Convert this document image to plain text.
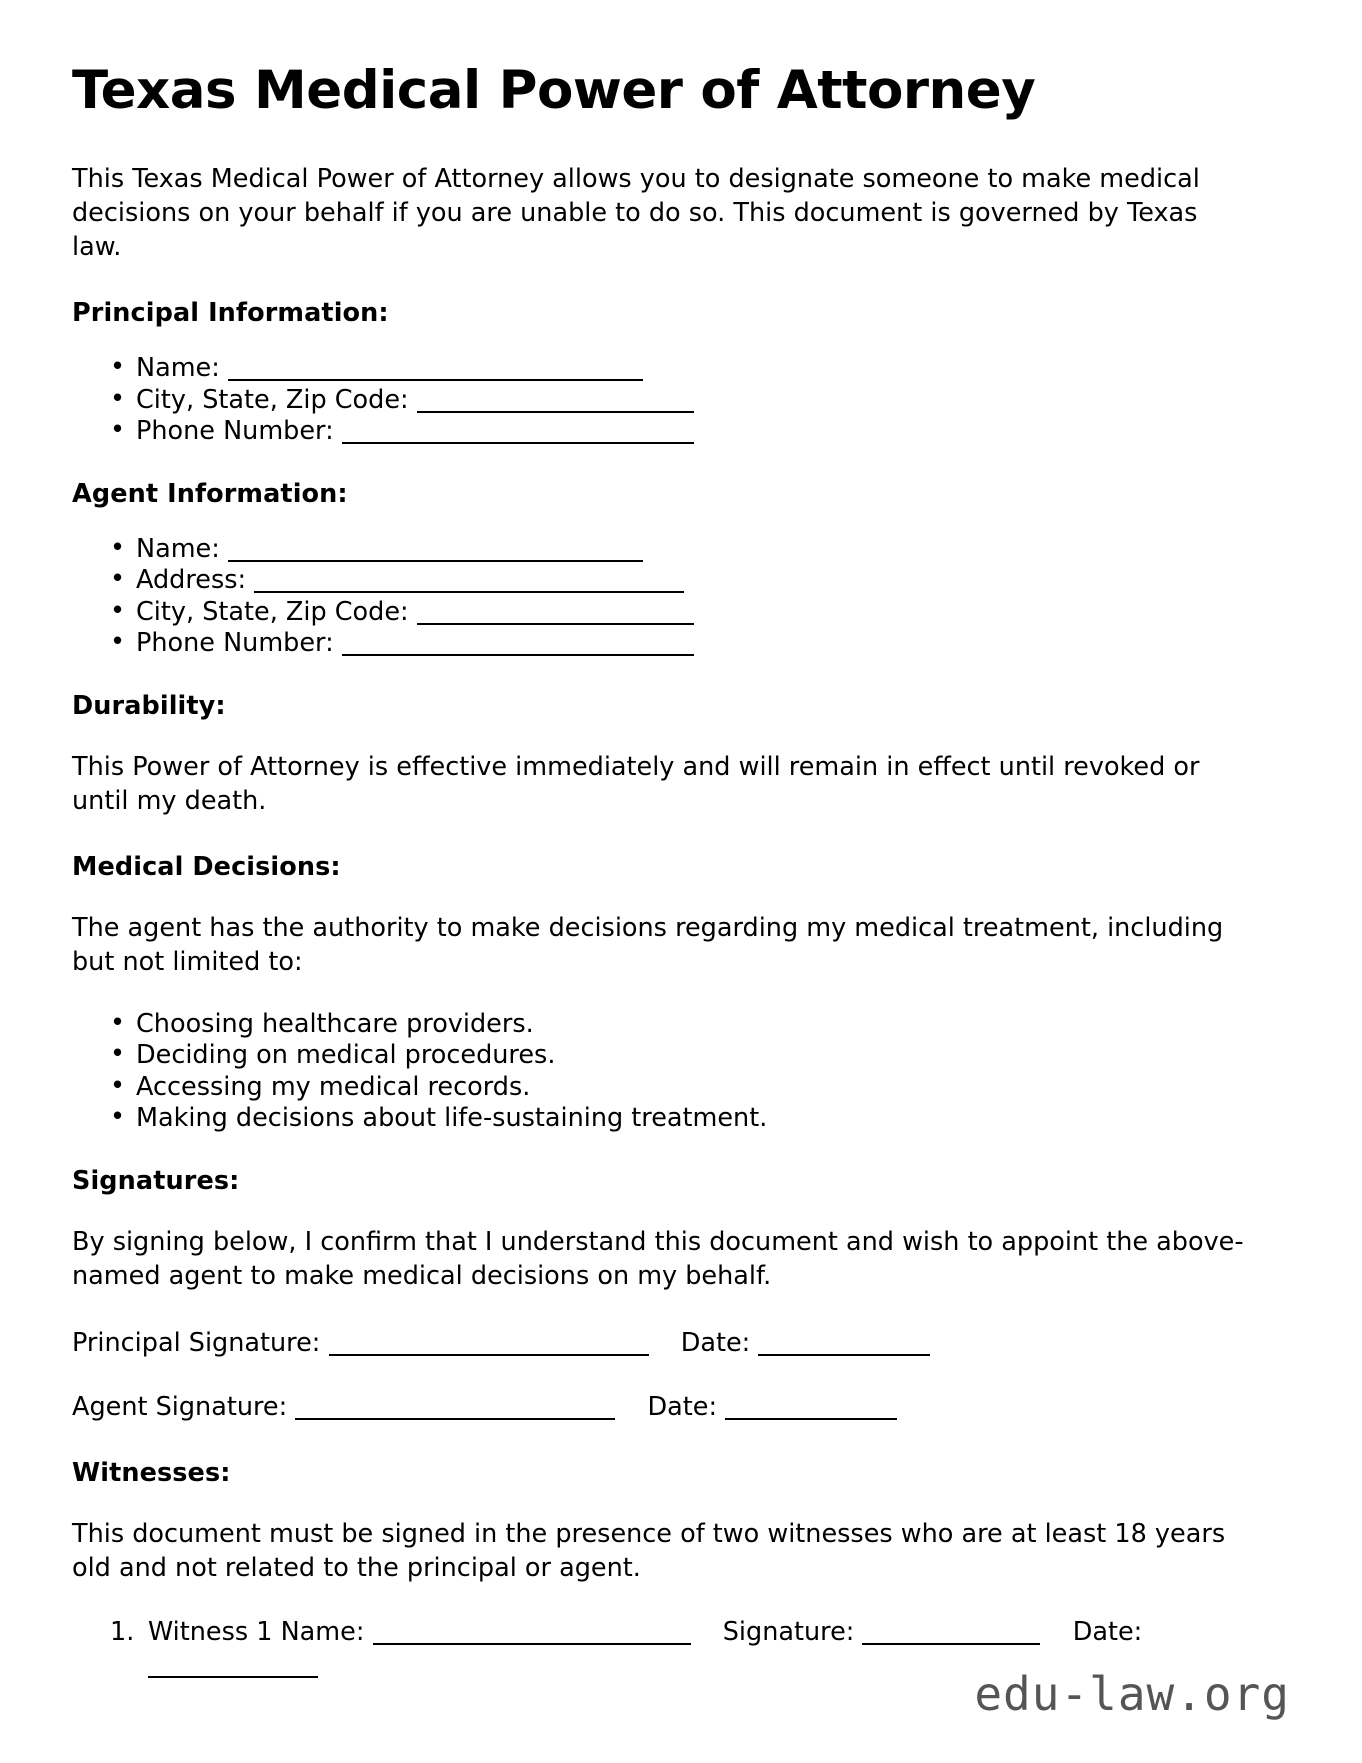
Texas Medical Power of Attorney

This Texas Medical Power of Attorney allows you to designate someone to make medical decisions on your behalf if you are unable to do so. This document is governed by Texas law.

Principal Information:
• Name:
• City, State, Zip Code:
• Phone Number:
Agent Information:
• Name:
• Address:
• City, State, Zip Code:
• Phone Number:
Durability:

This Power of Attorney is effective immediately and will remain in effect until revoked or until my death.

Medical Decisions:

The agent has the authority to make decisions regarding my medical treatment, including but not limited to:

• Choosing healthcare providers.
• Deciding on medical procedures.
• Accessing my medical records.
• Making decisions about life-sustaining treatment.
Signatures:

By signing below, I confirm that I understand this document and wish to appoint the above-named agent to make medical decisions on my behalf.

Principal Signature:	Date:

Agent Signature:	Date:

Witnesses:

This document must be signed in the presence of two witnesses who are at least 18 years old and not related to the principal or agent.

Witness 1 Name:	Signature:	Date:
edu-law.org
